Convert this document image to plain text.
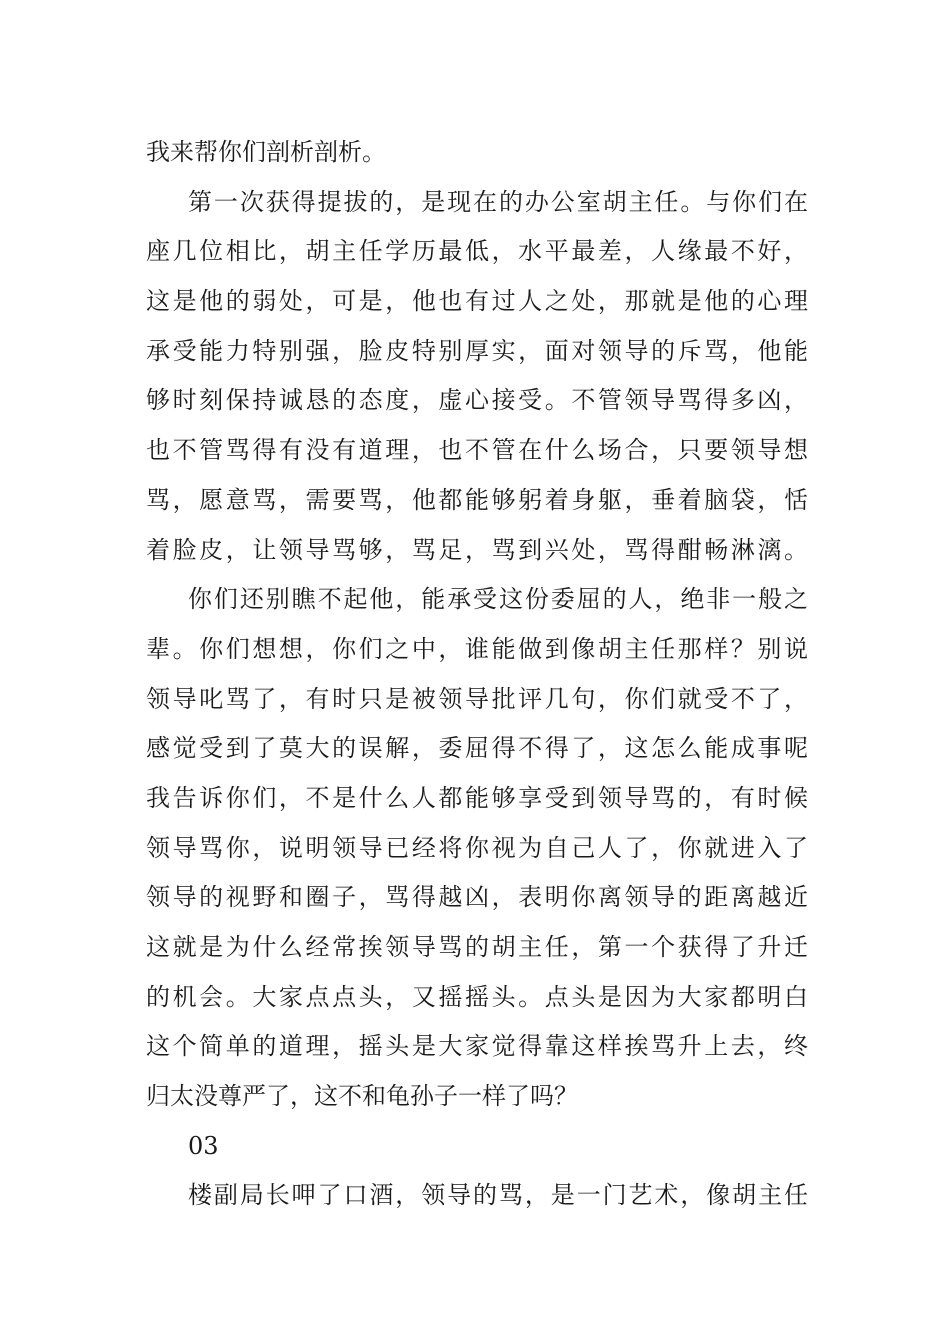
我来帮你们剖析剖析。
第一次获得提拔的，是现在的办公室胡主任。与你们在
座几位相比，胡主任学历最低，水平最差，人缘最不好，
这是他的弱处，可是，他也有过人之处，那就是他的心理
承受能力特别强，脸皮特别厚实，面对领导的斥骂，他能
够时刻保持诚恳的态度，虚心接受。不管领导骂得多凶，
也不管骂得有没有道理，也不管在什么场合，只要领导想
骂，愿意骂，需要骂，他都能够躬着身躯，垂着脑袋，恬
着脸皮，让领导骂够，骂足，骂到兴处，骂得酣畅淋漓。
你们还别瞧不起他，能承受这份委屈的人，绝非一般之
辈。你们想想，你们之中，谁能做到像胡主任那样？别说
领导叱骂了，有时只是被领导批评几句，你们就受不了，
感觉受到了莫大的误解，委屈得不得了，这怎么能成事呢
我告诉你们，不是什么人都能够享受到领导骂的，有时候
领导骂你，说明领导已经将你视为自己人了，你就进入了
领导的视野和圈子，骂得越凶，表明你离领导的距离越近
这就是为什么经常挨领导骂的胡主任，第一个获得了升迁
的机会。大家点点头，又摇摇头。点头是因为大家都明白
这个简单的道理，摇头是大家觉得靠这样挨骂升上去，终
归太没尊严了，这不和龟孙子一样了吗？
03
楼副局长呷了口酒，领导的骂，是一门艺术，像胡主任
